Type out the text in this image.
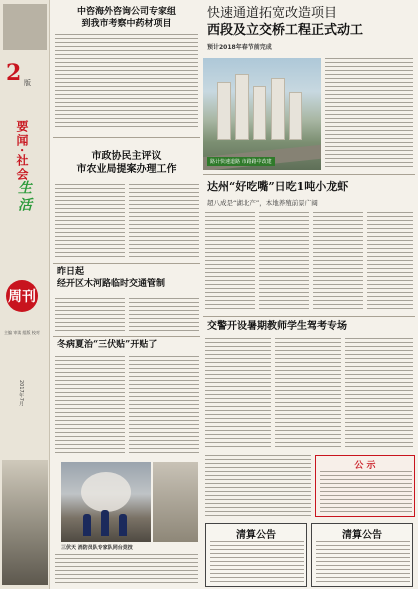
2 版
要闻·社会
生活
周刊
主编 审读 组版 校对
2017年7月
中咨海外咨询公司专家组
到我市考察中药材项目
市政协民主评议
市农业局提案办理工作
昨日起
经开区木河路临时交通管制
冬病夏治“三伏贴”开贴了
三伏天 消防员队专家队同台竞技
快速通道拓宽改造项目
西段及立交桥工程正式动工
预计2018年春节前完成
路计快速道路 市路路中改建
达州“好吃嘴”日吃1吨小龙虾
超八成是“湖北产”，本地养殖前景广阔
交警开设暑期教师学生驾考专场
公 示
清算公告	清算公告
